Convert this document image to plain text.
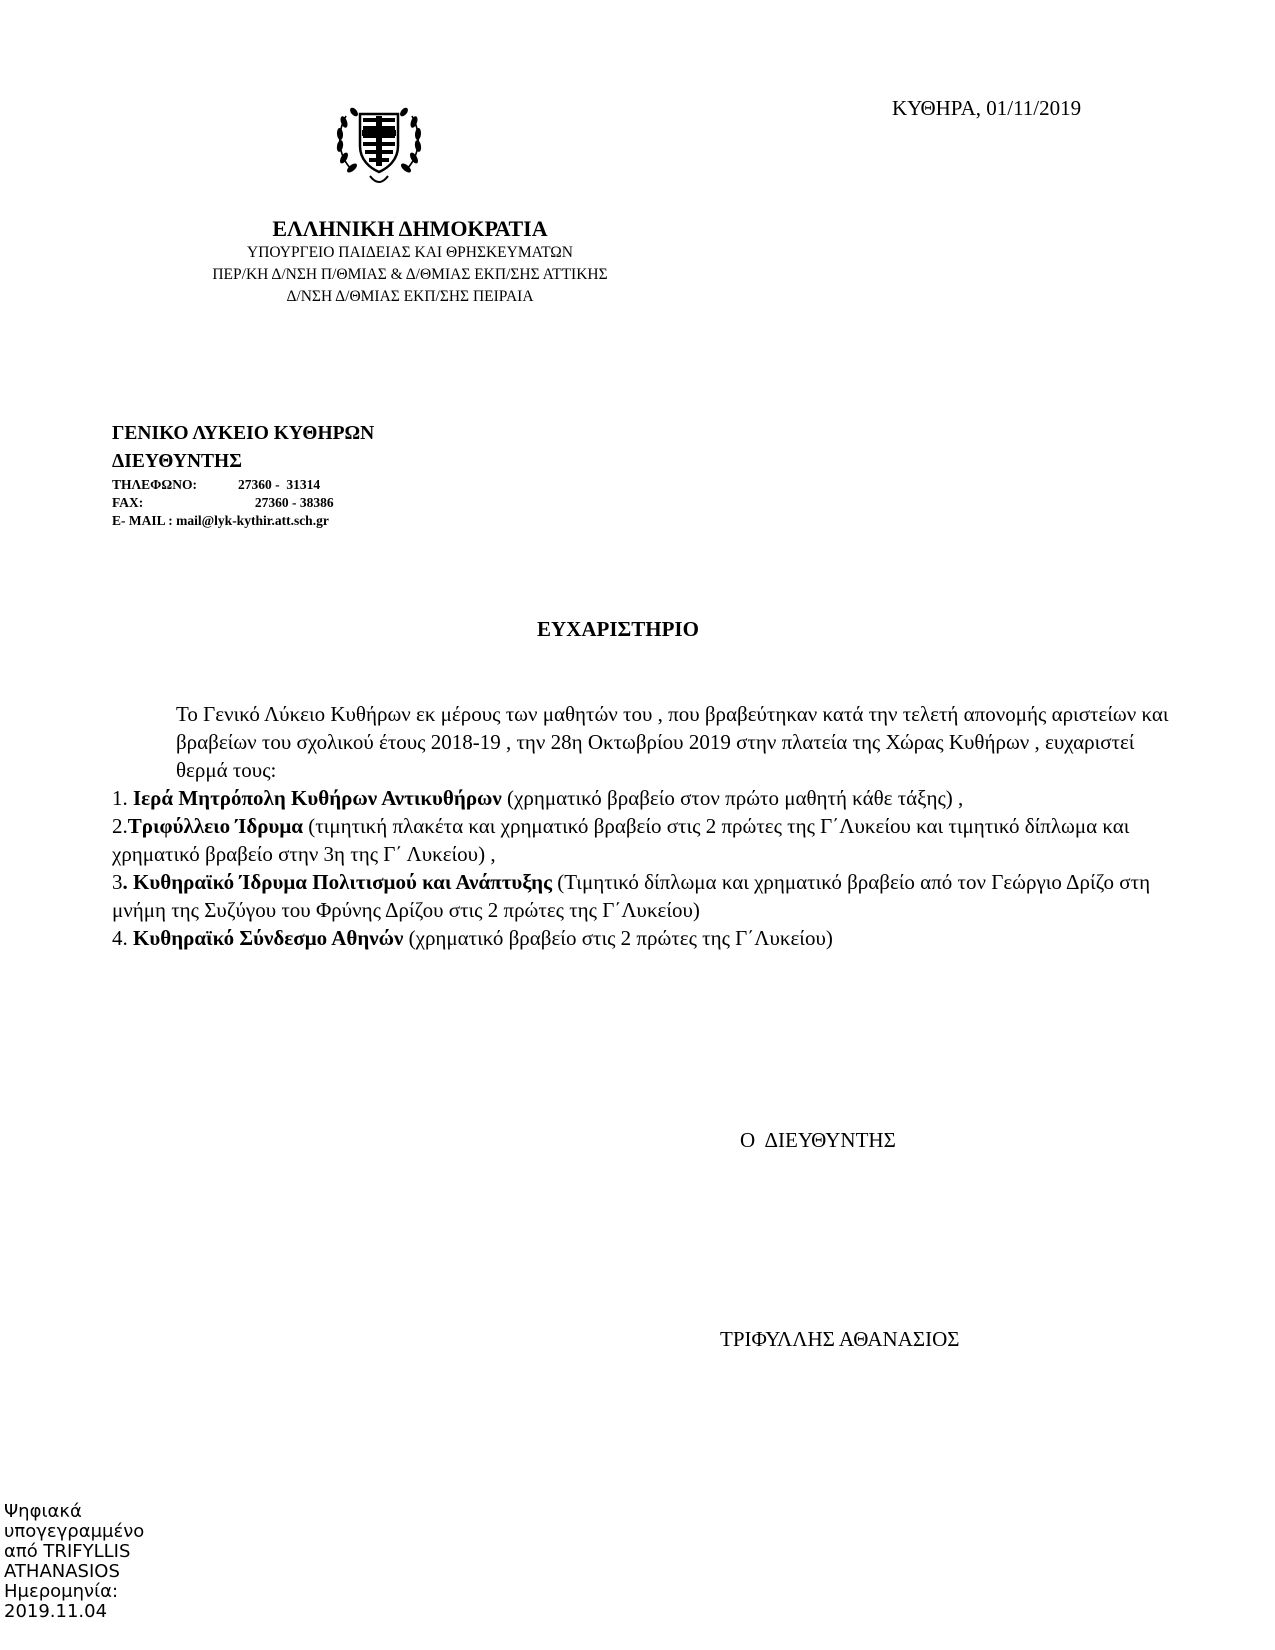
ΚΥΘΗΡΑ, 01/11/2019
ΕΛΛΗΝΙΚΗ ΔΗΜΟΚΡΑΤΙΑ
ΥΠΟΥΡΓΕΙΟ ΠΑΙΔΕΙΑΣ ΚΑΙ ΘΡΗΣΚΕΥΜΑΤΩΝ
ΠΕΡ/ΚΗ Δ/ΝΣΗ Π/ΘΜΙΑΣ & Δ/ΘΜΙΑΣ ΕΚΠ/ΣΗΣ ΑΤΤΙΚΗΣ
Δ/ΝΣΗ Δ/ΘΜΙΑΣ ΕΚΠ/ΣΗΣ ΠΕΙΡΑΙΑ
ΓΕΝΙΚΟ ΛΥΚΕΙΟ ΚΥΘΗΡΩΝ
ΔΙΕΥΘΥΝΤΗΣ
ΤΗΛΕΦΩΝΟ:	27360 -  31314
FAX:	27360 - 38386
E- MAIL : mail@lyk-kythir.att.sch.gr
ΕΥΧΑΡΙΣΤΗΡΙΟ

Το Γενικό Λύκειο Κυθήρων εκ μέρους των μαθητών του , που βραβεύτηκαν κατά την τελετή απονομής αριστείων και βραβείων του σχολικού έτους 2018-19 , την 28η Οκτωβρίου 2019 στην πλατεία της Χώρας Κυθήρων , ευχαριστεί θερμά τους:

1. Ιερά Μητρόπολη Κυθήρων Αντικυθήρων (χρηματικό βραβείο στον πρώτο μαθητή κάθε τάξης) ,

2.Τριφύλλειο Ίδρυμα (τιμητική πλακέτα και χρηματικό βραβείο στις 2 πρώτες της Γ΄Λυκείου και τιμητικό δίπλωμα και χρηματικό βραβείο στην 3η της Γ΄ Λυκείου) ,

3. Κυθηραϊκό Ίδρυμα Πολιτισμού και Ανάπτυξης (Τιμητικό δίπλωμα και χρηματικό βραβείο από τον Γεώργιο Δρίζο στη μνήμη της Συζύγου του Φρύνης Δρίζου στις 2 πρώτες της Γ΄Λυκείου)

4. Κυθηραϊκό Σύνδεσμο Αθηνών (χρηματικό βραβείο στις 2 πρώτες της Γ΄Λυκείου)

Ο  ΔΙΕΥΘΥΝΤΗΣ
ΤΡΙΦΥΛΛΗΣ ΑΘΑΝΑΣΙΟΣ
Ψηφιακά
υπογεγραμμένο
από TRIFYLLIS
ATHANASIOS
Ημερομηνία:
2019.11.04
